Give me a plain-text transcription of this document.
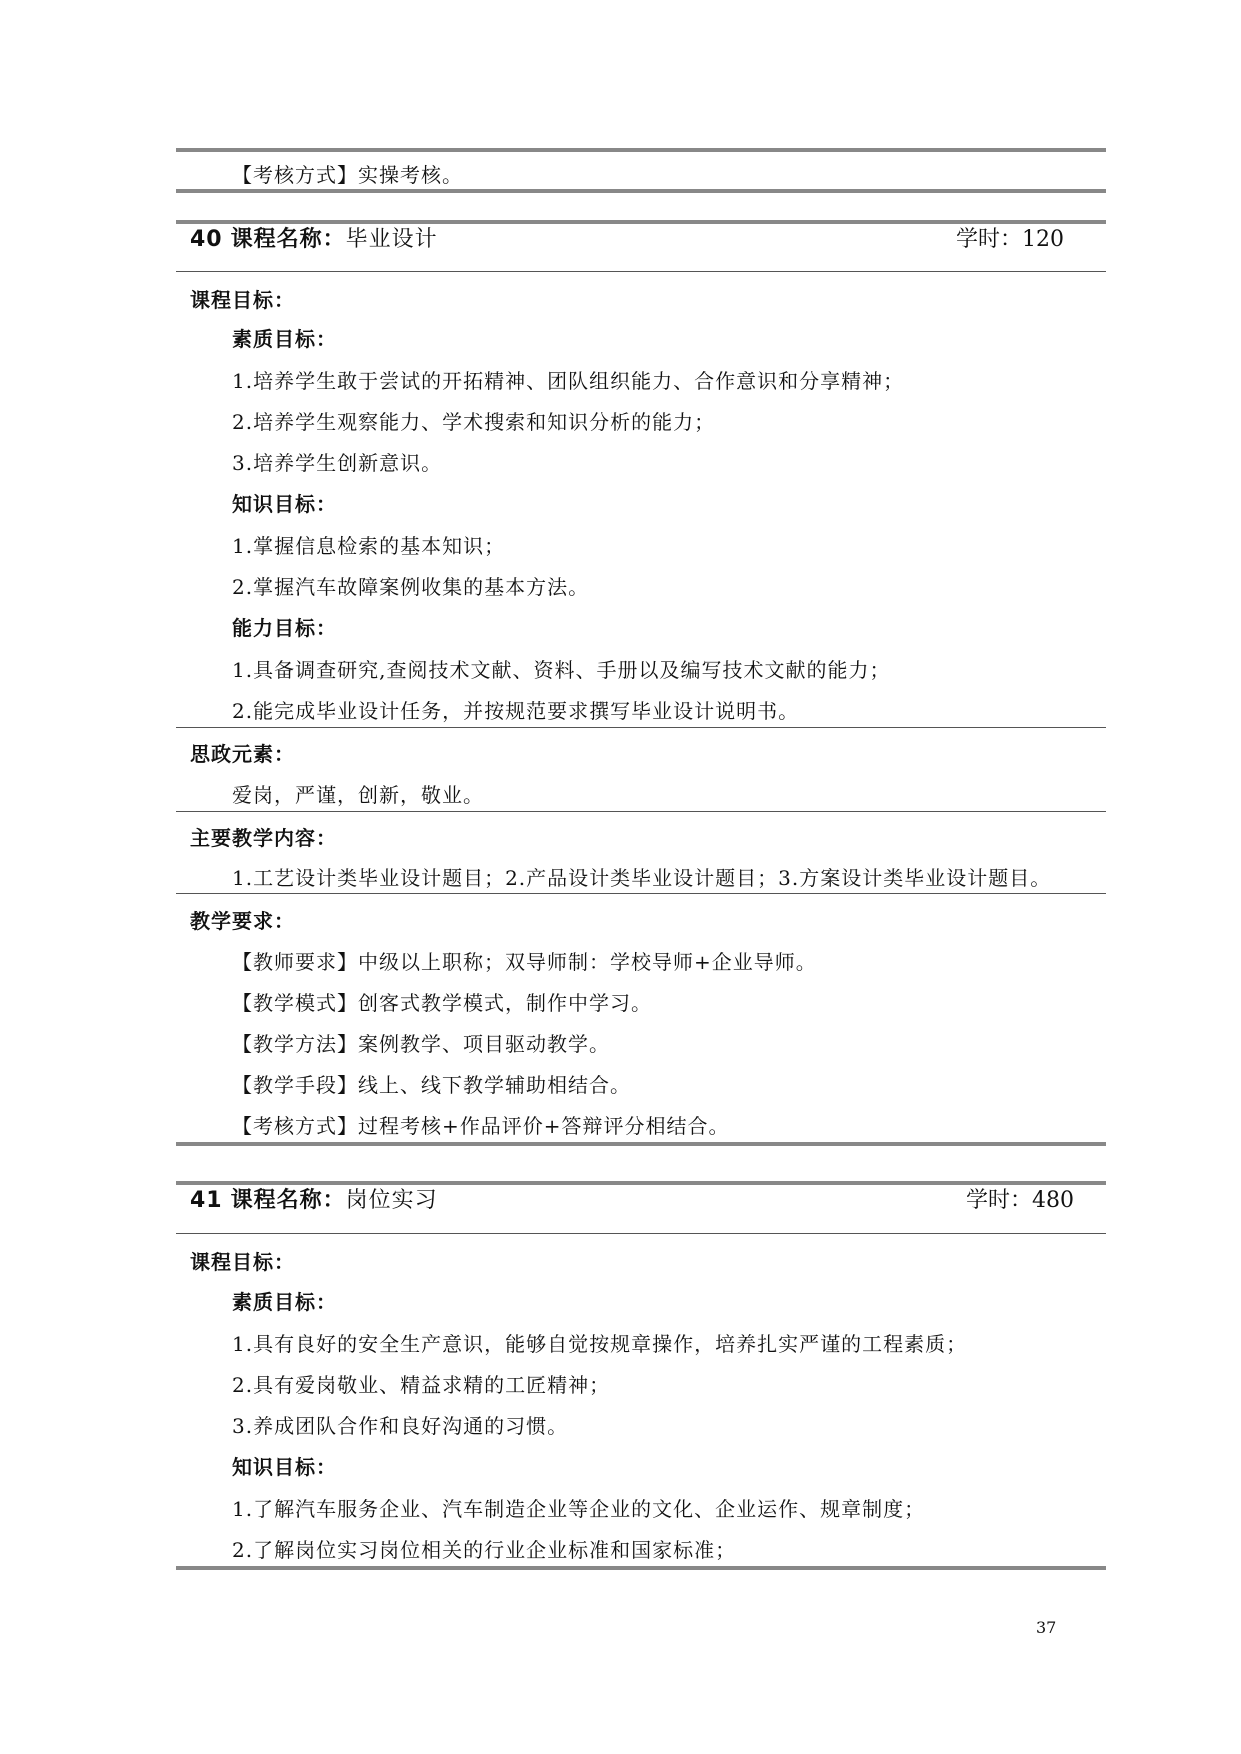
【考核方式】实操考核。
40 课程名称：毕业设计	学时：120
课程目标：
素质目标：
1.培养学生敢于尝试的开拓精神、团队组织能力、合作意识和分享精神；
2.培养学生观察能力、学术搜索和知识分析的能力；
3.培养学生创新意识。
知识目标：
1.掌握信息检索的基本知识；
2.掌握汽车故障案例收集的基本方法。
能力目标：
1.具备调查研究,查阅技术文献、资料、手册以及编写技术文献的能力；
2.能完成毕业设计任务，并按规范要求撰写毕业设计说明书。
思政元素：
爱岗，严谨，创新，敬业。
主要教学内容：
1.工艺设计类毕业设计题目；2.产品设计类毕业设计题目；3.方案设计类毕业设计题目。
教学要求：
【教师要求】中级以上职称；双导师制：学校导师+企业导师。
【教学模式】创客式教学模式，制作中学习。
【教学方法】案例教学、项目驱动教学。
【教学手段】线上、线下教学辅助相结合。
【考核方式】过程考核+作品评价+答辩评分相结合。
41 课程名称：岗位实习	学时：480
课程目标：
素质目标：
1.具有良好的安全生产意识，能够自觉按规章操作，培养扎实严谨的工程素质；
2.具有爱岗敬业、精益求精的工匠精神；
3.养成团队合作和良好沟通的习惯。
知识目标：
1.了解汽车服务企业、汽车制造企业等企业的文化、企业运作、规章制度；
2.了解岗位实习岗位相关的行业企业标准和国家标准；
37
